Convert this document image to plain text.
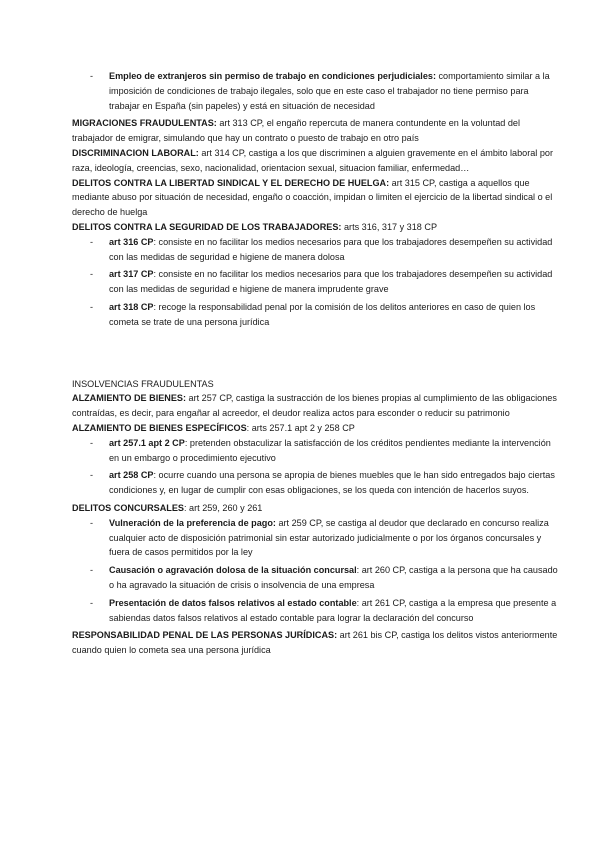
- Empleo de extranjeros sin permiso de trabajo en condiciones perjudiciales: comportamiento similar a la imposición de condiciones de trabajo ilegales, solo que en este caso el trabajador no tiene permiso para trabajar en España (sin papeles) y está en situación de necesidad
MIGRACIONES FRAUDULENTAS: art 313 CP, el engaño repercuta de manera contundente en la voluntad del trabajador de emigrar, simulando que hay un contrato o puesto de trabajo en otro país
DISCRIMINACION LABORAL: art 314 CP, castiga a los que discriminen a alguien gravemente en el ámbito laboral por raza, ideología, creencias, sexo, nacionalidad, orientacion sexual, situacion familiar, enfermedad…
DELITOS CONTRA LA LIBERTAD SINDICAL Y EL DERECHO DE HUELGA: art 315 CP, castiga a aquellos que mediante abuso por situación de necesidad, engaño o coacción, impidan o limiten el ejercicio de la libertad sindical o el derecho de huelga
DELITOS CONTRA LA SEGURIDAD DE LOS TRABAJADORES: arts 316, 317 y 318 CP
- art 316 CP: consiste en no facilitar los medios necesarios para que los trabajadores desempeñen su actividad con las medidas de seguridad e higiene de manera dolosa
- art 317 CP: consiste en no facilitar los medios necesarios para que los trabajadores desempeñen su actividad con las medidas de seguridad e higiene de manera imprudente grave
- art 318 CP: recoge la responsabilidad penal por la comisión de los delitos anteriores en caso de quien los cometa se trate de una persona jurídica
INSOLVENCIAS FRAUDULENTAS
ALZAMIENTO DE BIENES: art 257 CP, castiga la sustracción de los bienes propias al cumplimiento de las obligaciones contraídas, es decir, para engañar al acreedor, el deudor realiza actos para esconder o reducir su patrimonio
ALZAMIENTO DE BIENES ESPECÍFICOS: arts 257.1 apt 2 y 258 CP
- art 257.1 apt 2 CP: pretenden obstaculizar la satisfacción de los créditos pendientes mediante la intervención en un embargo o procedimiento ejecutivo
- art 258 CP: ocurre cuando una persona se apropia de bienes muebles que le han sido entregados bajo ciertas condiciones y, en lugar de cumplir con esas obligaciones, se los queda con intención de hacerlos suyos.
DELITOS CONCURSALES: art 259, 260 y 261
- Vulneración de la preferencia de pago: art 259 CP, se castiga al deudor que declarado en concurso realiza cualquier acto de disposición patrimonial sin estar autorizado judicialmente o por los órganos concursales y fuera de casos permitidos por la ley
- Causación o agravación dolosa de la situación concursal: art 260 CP, castiga a la persona que ha causado o ha agravado la situación de crisis o insolvencia de una empresa
- Presentación de datos falsos relativos al estado contable: art 261 CP, castiga a la empresa que presente a sabiendas datos falsos relativos al estado contable para lograr la declaración del concurso
RESPONSABILIDAD PENAL DE LAS PERSONAS JURÍDICAS: art 261 bis CP, castiga los delitos vistos anteriormente cuando quien lo cometa sea una persona jurídica
